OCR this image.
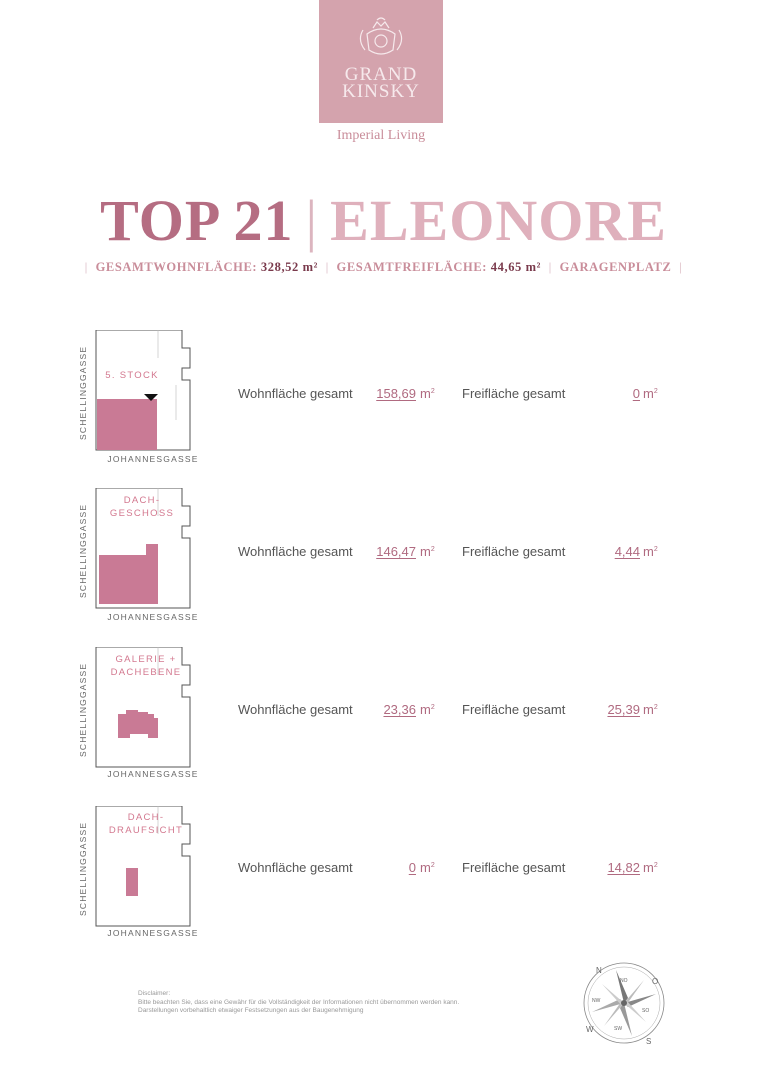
GRAND
KINSKY
Imperial Living
TOP 21 | ELEONORE
| GESAMTWOHNFLÄCHE: 328,52 m² | GESAMTFREIFLÄCHE: 44,65 m² | GARAGENPLATZ |
SCHELLINGGASSE
JOHANNESGASSE
5. STOCK
Wohnfläche gesamt	158,69 $m^2$ Freifläche gesamt	0 $m^2$
SCHELLINGGASSE
JOHANNESGASSE
DACH-
GESCHOSS
Wohnfläche gesamt	146,47 $m^2$ Freifläche gesamt	4,44 $m^2$
SCHELLINGGASSE
JOHANNESGASSE
GALERIE +
DACHEBENE
Wohnfläche gesamt	23,36 $m^2$ Freifläche gesamt	25,39 $m^2$
SCHELLINGGASSE
JOHANNESGASSE
DACH-
DRAUFSICHT
Wohnfläche gesamt	0 $m^2$ Freifläche gesamt	14,82 $m^2$
Disclaimer:
Bitte beachten Sie, dass eine Gewähr für die Vollständigkeit der Informationen nicht übernommen werden kann.
Darstellungen vorbehaltlich etwaiger Festsetzungen aus der Baugenehmigung
N
S
O
W
NO
NW
SO
SW
